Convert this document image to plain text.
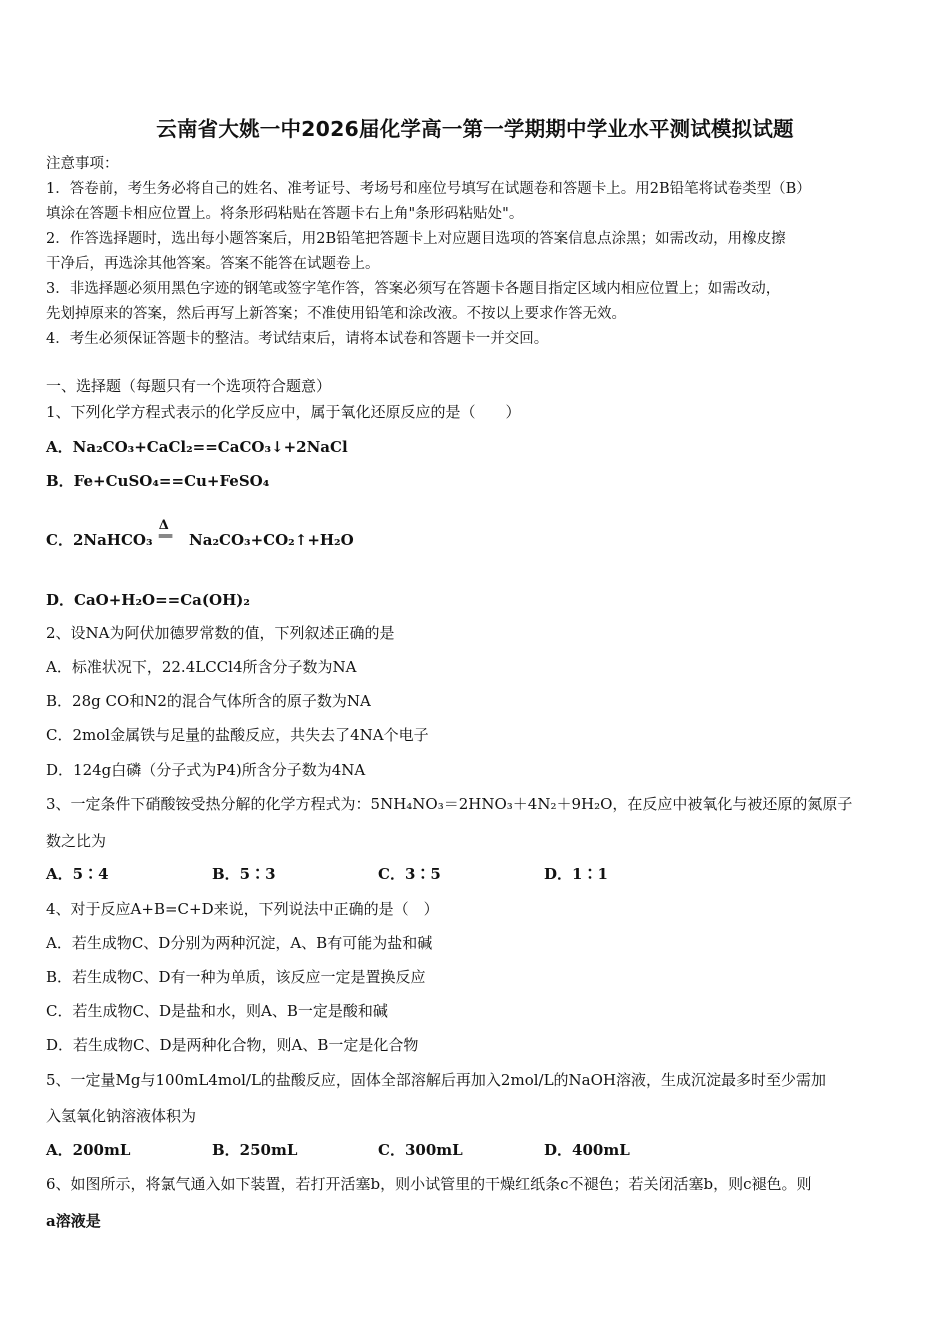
云南省大姚一中2026届化学高一第一学期期中学业水平测试模拟试题
注意事项：
1．答卷前，考生务必将自己的姓名、准考证号、考场号和座位号填写在试题卷和答题卡上。用2B铅笔将试卷类型（B）
填涂在答题卡相应位置上。将条形码粘贴在答题卡右上角"条形码粘贴处"。
2．作答选择题时，选出每小题答案后，用2B铅笔把答题卡上对应题目选项的答案信息点涂黑；如需改动，用橡皮擦
干净后，再选涂其他答案。答案不能答在试题卷上。
3．非选择题必须用黑色字迹的钢笔或签字笔作答，答案必须写在答题卡各题目指定区域内相应位置上；如需改动，
先划掉原来的答案，然后再写上新答案；不准使用铅笔和涂改液。不按以上要求作答无效。
4．考生必须保证答题卡的整洁。考试结束后，请将本试卷和答题卡一并交回。
一、选择题（每题只有一个选项符合题意）
1、下列化学方程式表示的化学反应中，属于氧化还原反应的是（　　）
A．Na₂CO₃+CaCl₂==CaCO₃↓+2NaCl
B．Fe+CuSO₄==Cu+FeSO₄
C．2NaHCO₃
Δ
══ Na₂CO₃+CO₂↑+H₂O
D．CaO+H₂O==Ca(OH)₂
2、设NA为阿伏加德罗常数的值，下列叙述正确的是
A．标准状况下，22.4LCCl4所含分子数为NA
B．28g CO和N2的混合气体所含的原子数为NA
C．2mol金属铁与足量的盐酸反应，共失去了4NA个电子
D．124g白磷（分子式为P4)所含分子数为4NA
3、一定条件下硝酸铵受热分解的化学方程式为：5NH₄NO₃＝2HNO₃＋4N₂＋9H₂O，在反应中被氧化与被还原的氮原子
数之比为
A．5∶4	B．5∶3	C．3∶5	D．1∶1
4、对于反应A+B=C+D来说，下列说法中正确的是（　）
A．若生成物C、D分别为两种沉淀，A、B有可能为盐和碱
B．若生成物C、D有一种为单质，该反应一定是置换反应
C．若生成物C、D是盐和水，则A、B一定是酸和碱
D．若生成物C、D是两种化合物，则A、B一定是化合物
5、一定量Mg与100mL4mol/L的盐酸反应，固体全部溶解后再加入2mol/L的NaOH溶液，生成沉淀最多时至少需加
入氢氧化钠溶液体积为
A．200mL	B．250mL	C．300mL	D．400mL
6、如图所示，将氯气通入如下装置，若打开活塞b，则小试管里的干燥红纸条c不褪色；若关闭活塞b，则c褪色。则
a溶液是
